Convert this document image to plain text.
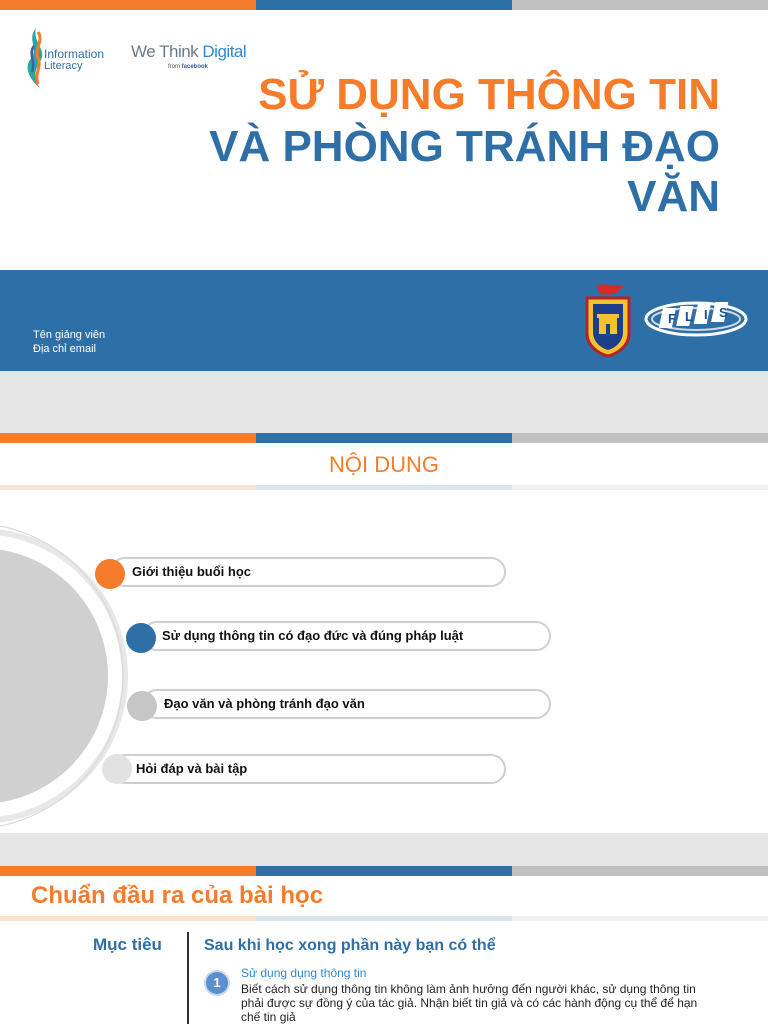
Information
Literacy
We Think Digital
from facebook
SỬ DỤNG THÔNG TIN
VÀ PHÒNG TRÁNH ĐẠO VĂN
Tên giảng viên
Địa chỉ email
F L I S
NỘI DUNG
Giới thiệu buổi học
Sử dụng thông tin có đạo đức và đúng pháp luật
Đạo văn và phòng tránh đạo văn
Hỏi đáp và bài tập
Chuẩn đầu ra của bài học
Mục tiêu	Sau khi học xong phần này bạn có thể
1
Sử dụng dụng thông tin
Biết cách sử dụng thông tin không làm ảnh hưởng đến người khác, sử dụng thông tin phải được sự đồng ý của tác giả. Nhận biết tin giả và có các hành động cụ thể để hạn chế tin giả
